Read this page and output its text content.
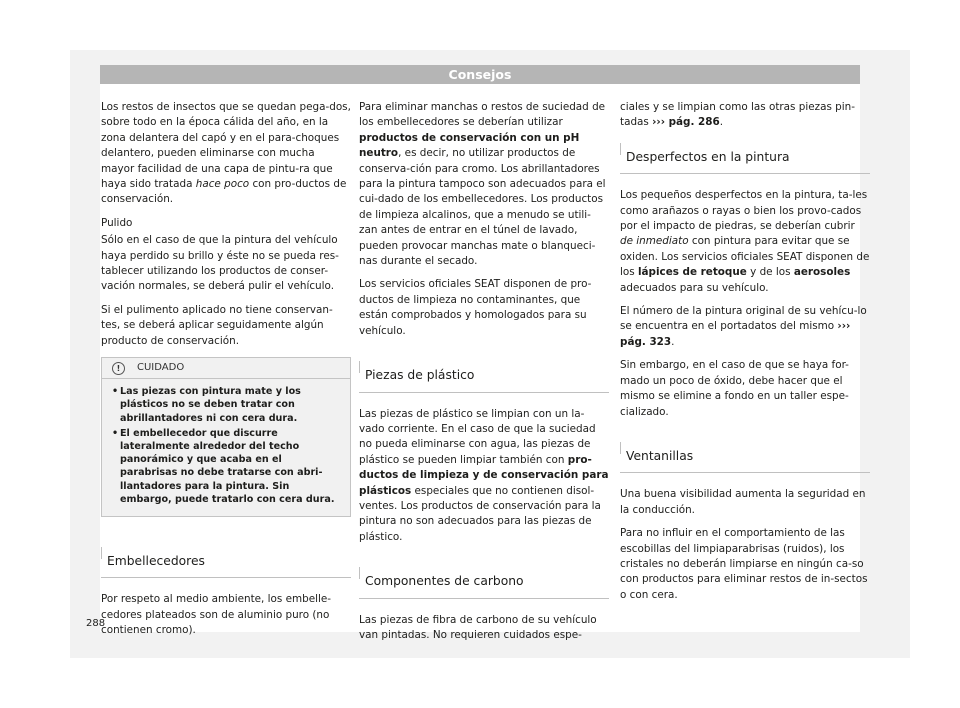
Consejos

Los restos de insectos que se quedan pega-dos, sobre todo en la época cálida del año, en la zona delantera del capó y en el para-choques delantero, pueden eliminarse con mucha mayor facilidad de una capa de pintu-ra que haya sido tratada hace poco con pro-ductos de conservación.

Pulido

Sólo en el caso de que la pintura del vehículo haya perdido su brillo y éste no se pueda res-tablecer utilizando los productos de conser-vación normales, se deberá pulir el vehículo.

Si el pulimento aplicado no tiene conservan-tes, se deberá aplicar seguidamente algún producto de conservación.

!	CUIDADO
• Las piezas con pintura mate y los plásticos no se deben tratar con abrillantadores ni con cera dura.
• El embellecedor que discurre lateralmente alrededor del techo panorámico y que acaba en el parabrisas no debe tratarse con abri-llantadores para la pintura. Sin embargo, puede tratarlo con cera dura.
Embellecedores

Por respeto al medio ambiente, los embelle-cedores plateados son de aluminio puro (no contienen cromo).

Para eliminar manchas o restos de suciedad de los embellecedores se deberían utilizar productos de conservación con un pH neutro, es decir, no utilizar productos de conserva-ción para cromo. Los abrillantadores para la pintura tampoco son adecuados para el cui-dado de los embellecedores. Los productos de limpieza alcalinos, que a menudo se utili-zan antes de entrar en el túnel de lavado, pueden provocar manchas mate o blanqueci-nas durante el secado.

Los servicios oficiales SEAT disponen de pro-ductos de limpieza no contaminantes, que están comprobados y homologados para su vehículo.

Piezas de plástico

Las piezas de plástico se limpian con un la-vado corriente. En el caso de que la suciedad no pueda eliminarse con agua, las piezas de plástico se pueden limpiar también con pro-ductos de limpieza y de conservación para plásticos especiales que no contienen disol-ventes. Los productos de conservación para la pintura no son adecuados para las piezas de plástico.

Componentes de carbono

Las piezas de fibra de carbono de su vehículo van pintadas. No requieren cuidados espe-

ciales y se limpian como las otras piezas pin-tadas ››› pág. 286.

Desperfectos en la pintura

Los pequeños desperfectos en la pintura, ta-les como arañazos o rayas o bien los provo-cados por el impacto de piedras, se deberían cubrir de inmediato con pintura para evitar que se oxiden. Los servicios oficiales SEAT disponen de los lápices de retoque y de los aerosoles adecuados para su vehículo.

El número de la pintura original de su vehícu-lo se encuentra en el portadatos del mismo ››› pág. 323.

Sin embargo, en el caso de que se haya for-mado un poco de óxido, debe hacer que el mismo se elimine a fondo en un taller espe-cializado.

Ventanillas

Una buena visibilidad aumenta la seguridad en la conducción.

Para no influir en el comportamiento de las escobillas del limpiaparabrisas (ruidos), los cristales no deberán limpiarse en ningún ca-so con productos para eliminar restos de in-sectos o con cera.

288
